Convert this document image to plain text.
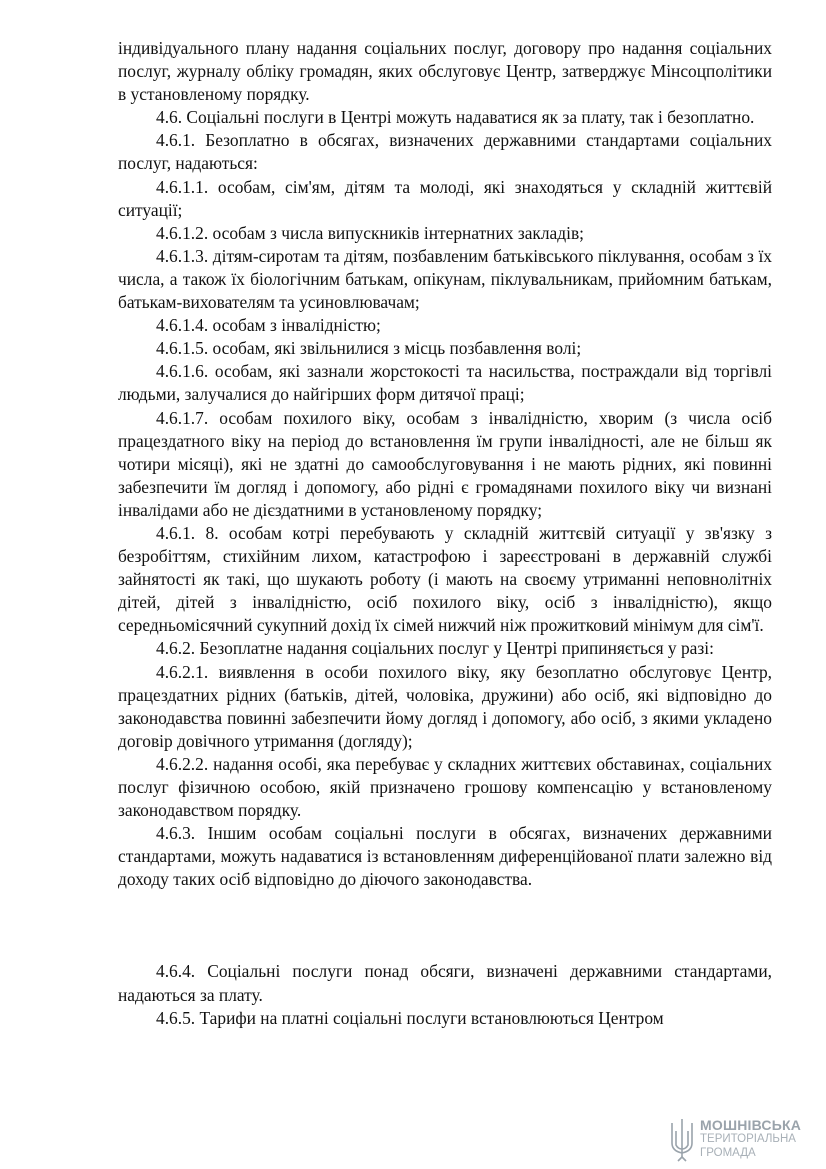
індивідуального плану надання соціальних послуг, договору про надання соціальних послуг, журналу обліку громадян, яких обслуговує Центр, затверджує Мінсоцполітики в установленому порядку.

4.6. Соціальні послуги в Центрі можуть надаватися як за плату, так і безоплатно.

4.6.1. Безоплатно в обсягах, визначених державними стандартами соціальних послуг, надаються:

4.6.1.1. особам, сім'ям, дітям та молоді, які знаходяться у складній життєвій ситуації;

4.6.1.2. особам з числа випускників інтернатних закладів;

4.6.1.3. дітям-сиротам та дітям, позбавленим батьківського піклування, особам з їх числа, а також їх біологічним батькам, опікунам, піклувальникам, прийомним батькам, батькам-вихователям та усиновлювачам;

4.6.1.4. особам з інвалідністю;

4.6.1.5. особам, які звільнилися з місць позбавлення волі;

4.6.1.6. особам, які зазнали жорстокості та насильства, постраждали від торгівлі людьми, залучалися до найгірших форм дитячої праці;

4.6.1.7. особам похилого віку, особам з інвалідністю, хворим (з числа осіб працездатного віку на період до встановлення їм групи інвалідності, але не більш як чотири місяці), які не здатні до самообслуговування і не мають рідних, які повинні забезпечити їм догляд і допомогу, або рідні є громадянами похилого віку чи визнані інвалідами або не дієздатними в установленому порядку;

4.6.1. 8. особам котрі перебувають у складній життєвій ситуації у зв'язку з безробіттям, стихійним лихом, катастрофою і зареєстровані в державній службі зайнятості як такі, що шукають роботу (і мають на своєму утриманні неповнолітніх дітей, дітей з інвалідністю, осіб похилого віку, осіб з інвалідністю), якщо середньомісячний сукупний дохід їх сімей нижчий ніж прожитковий мінімум для сім'ї.

4.6.2. Безоплатне надання соціальних послуг у Центрі припиняється у разі:

4.6.2.1. виявлення в особи похилого віку, яку безоплатно обслуговує Центр, працездатних рідних (батьків, дітей, чоловіка, дружини) або осіб, які відповідно до законодавства повинні забезпечити йому догляд і допомогу, або осіб, з якими укладено договір довічного утримання (догляду);

4.6.2.2. надання особі, яка перебуває у складних життєвих обставинах, соціальних послуг фізичною особою, якій призначено грошову компенсацію у встановленому законодавством порядку.

4.6.3. Іншим особам соціальні послуги в обсягах, визначених державними стандартами, можуть надаватися із встановленням диференційованої плати залежно від доходу таких осіб відповідно до діючого законодавства.

4.6.4. Соціальні послуги понад обсяги, визначені державними стандартами, надаються за плату.

4.6.5. Тарифи на платні соціальні послуги встановлюються Центром

МОШНІВСЬКА
ТЕРИТОРІАЛЬНА
ГРОМАДА
